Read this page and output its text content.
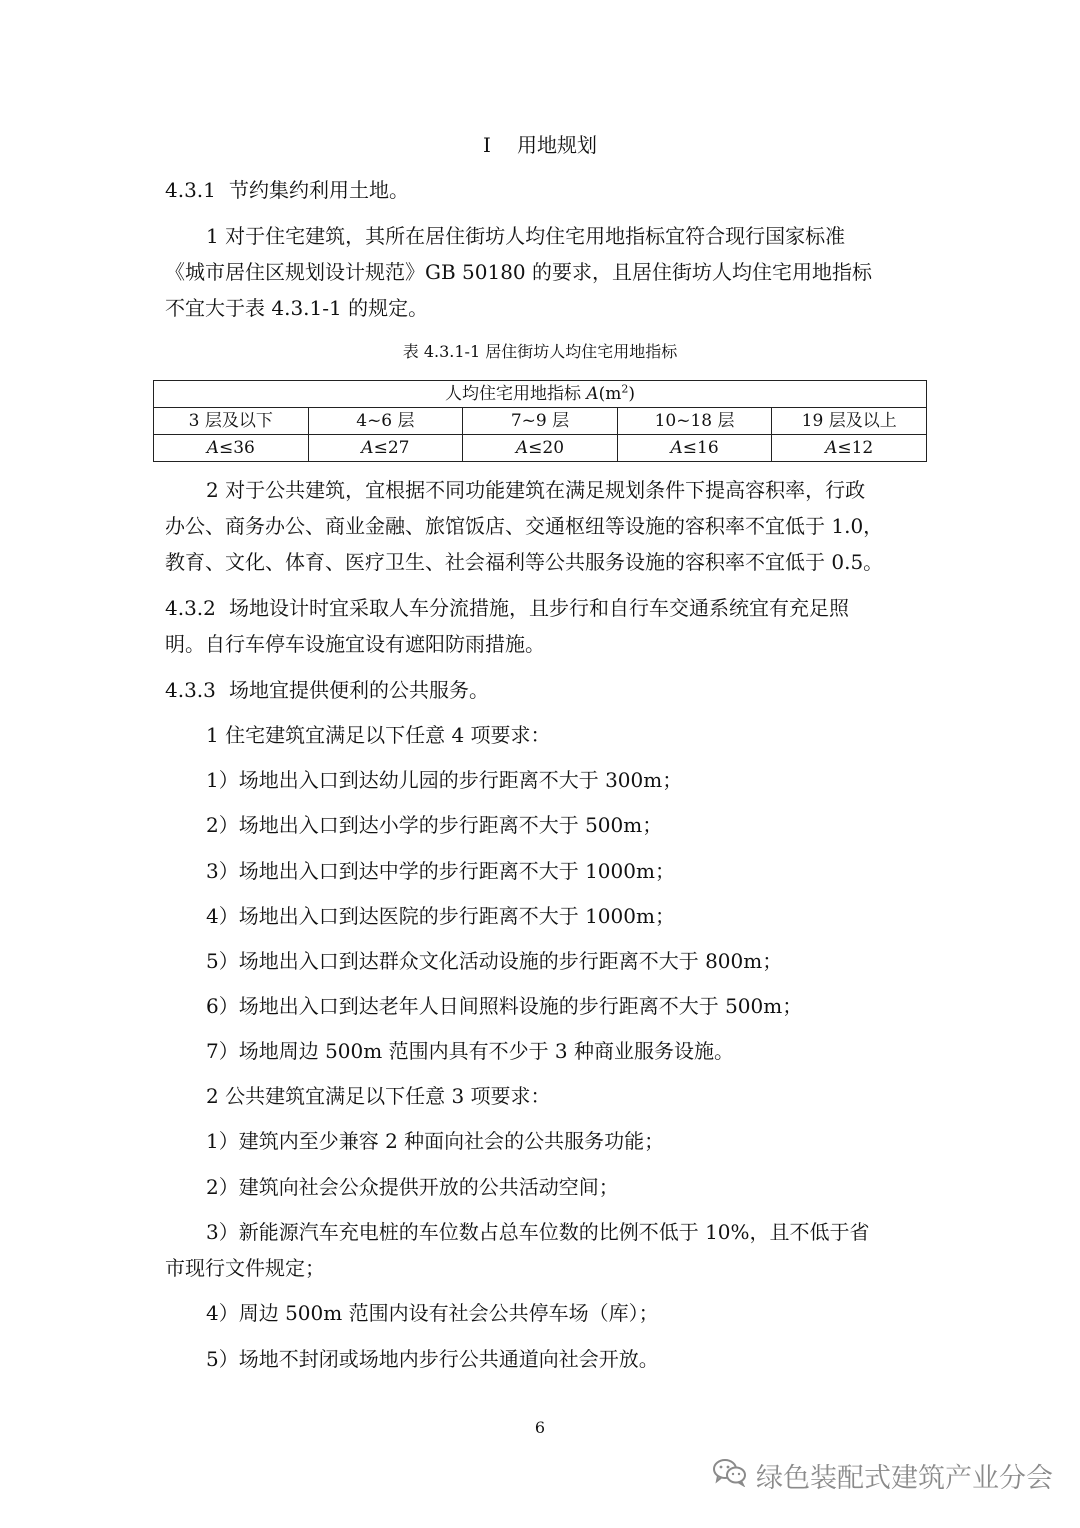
I 用地规划
4.3.1 节约集约利用土地。
1 对于住宅建筑，其所在居住街坊人均住宅用地指标宜符合现行国家标准
《城市居住区规划设计规范》GB 50180 的要求，且居住街坊人均住宅用地指标
不宜大于表 4.3.1-1 的规定。
表 4.3.1-1 居住街坊人均住宅用地指标
人均住宅用地指标 $A(m^2)$				
3 层及以下	4~6 层	7~9 层	10~18 层	19 层及以上
A≤36	A≤27	A≤20	A≤16	A≤12
2 对于公共建筑，宜根据不同功能建筑在满足规划条件下提高容积率，行政
办公、商务办公、商业金融、旅馆饭店、交通枢纽等设施的容积率不宜低于 1.0，
教育、文化、体育、医疗卫生、社会福利等公共服务设施的容积率不宜低于 0.5。
4.3.2 场地设计时宜采取人车分流措施，且步行和自行车交通系统宜有充足照
明。自行车停车设施宜设有遮阳防雨措施。
4.3.3 场地宜提供便利的公共服务。
1 住宅建筑宜满足以下任意 4 项要求：
1）场地出入口到达幼儿园的步行距离不大于 300m；
2）场地出入口到达小学的步行距离不大于 500m；
3）场地出入口到达中学的步行距离不大于 1000m；
4）场地出入口到达医院的步行距离不大于 1000m；
5）场地出入口到达群众文化活动设施的步行距离不大于 800m；
6）场地出入口到达老年人日间照料设施的步行距离不大于 500m；
7）场地周边 500m 范围内具有不少于 3 种商业服务设施。
2 公共建筑宜满足以下任意 3 项要求：
1）建筑内至少兼容 2 种面向社会的公共服务功能；
2）建筑向社会公众提供开放的公共活动空间；
3）新能源汽车充电桩的车位数占总车位数的比例不低于 10%，且不低于省
市现行文件规定；
4）周边 500m 范围内设有社会公共停车场（库）；
5）场地不封闭或场地内步行公共通道向社会开放。
6
绿色装配式建筑产业分会
